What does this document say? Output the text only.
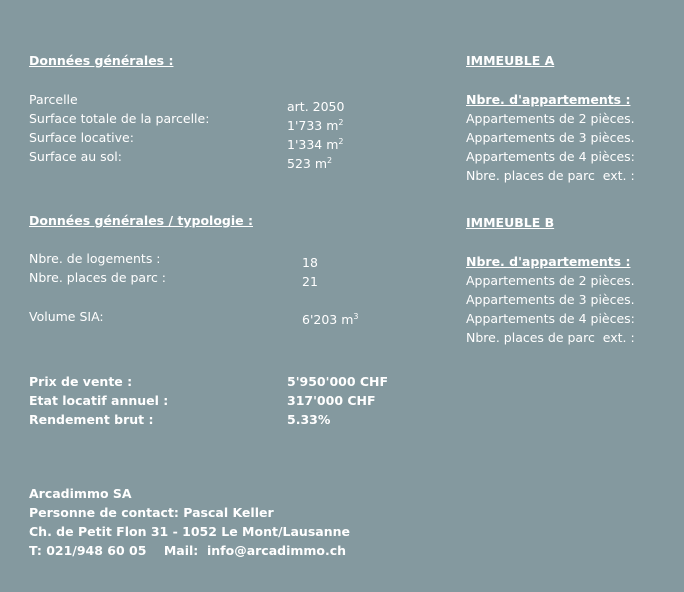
Données générales :
Parcelle
Surface totale de la parcelle:
Surface locative:
Surface au sol:
art. 2050
1'733 $m^2$
1'334 $m^2$
523 $m^2$
Données générales / typologie :
Nbre. de logements :
Nbre. places de parc :
Volume SIA:
18
21
6'203 $m^3$
Prix de vente :
Etat locatif annuel :
Rendement brut :
5'950'000 CHF
317'000 CHF
5.33%
Arcadimmo SA
Personne de contact: Pascal Keller
Ch. de Petit Flon 31 - 1052 Le Mont/Lausanne
T: 021/948 60 05    Mail:  info@arcadimmo.ch
IMMEUBLE A
Nbre. d'appartements :
Appartements de 2 pièces.
Appartements de 3 pièces.
Appartements de 4 pièces:
Nbre. places de parc  ext. :
IMMEUBLE B
Nbre. d'appartements :
Appartements de 2 pièces.
Appartements de 3 pièces.
Appartements de 4 pièces:
Nbre. places de parc  ext. :
